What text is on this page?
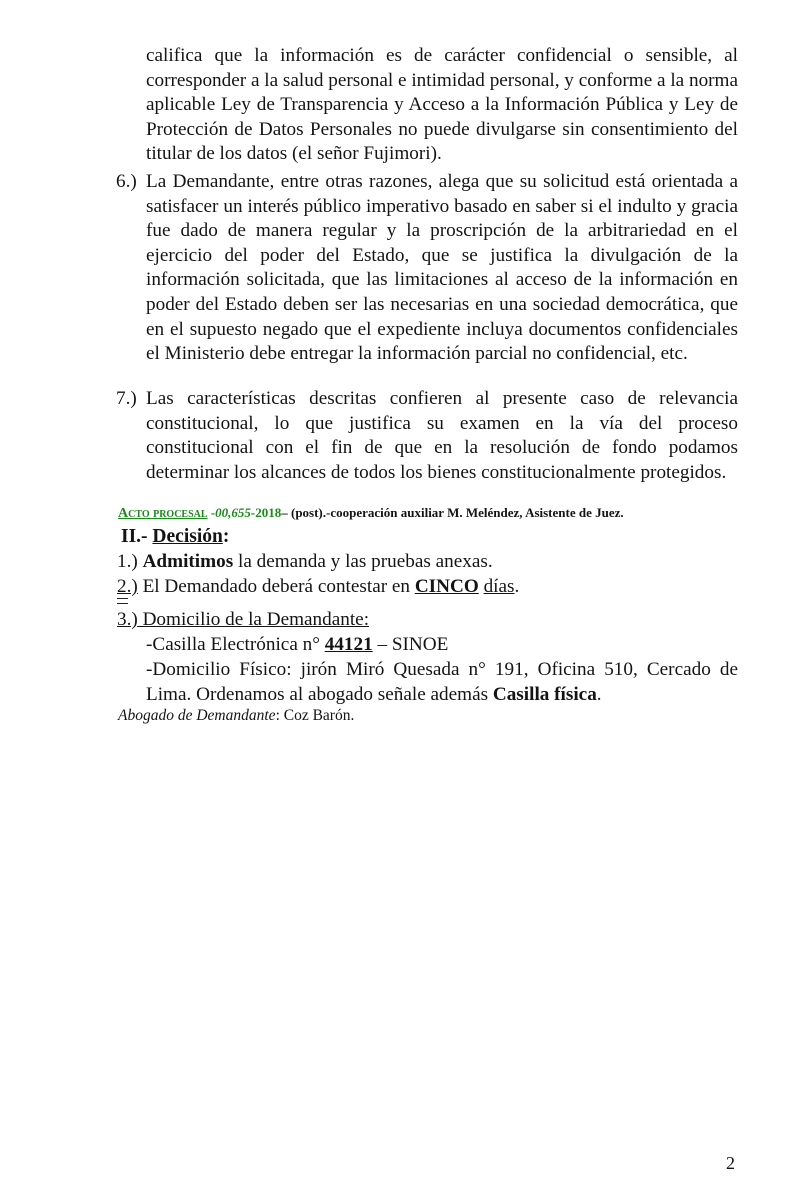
califica que la información es de carácter confidencial o sensible, al corresponder a la salud personal e intimidad personal, y conforme a la norma aplicable Ley de Transparencia y Acceso a la Información Pública y Ley de Protección de Datos Personales no puede divulgarse sin consentimiento del titular de los datos (el señor Fujimori).
6.) La Demandante, entre otras razones, alega que su solicitud está orientada a satisfacer un interés público imperativo basado en saber si el indulto y gracia fue dado de manera regular y la proscripción de la arbitrariedad en el ejercicio del poder del Estado, que se justifica la divulgación de la información solicitada, que las limitaciones al acceso de la información en poder del Estado deben ser las necesarias en una sociedad democrática, que en el supuesto negado que el expediente incluya documentos confidenciales el Ministerio debe entregar la información parcial no confidencial, etc.
7.) Las características descritas confieren al presente caso de relevancia constitucional, lo que justifica su examen en la vía del proceso constitucional con el fin de que en la resolución de fondo podamos determinar los alcances de todos los bienes constitucionalmente protegidos.
Acto procesal -00,655-2018– (post).-cooperación auxiliar M. Meléndez, Asistente de Juez.
II.- Decisión:
1.) Admitimos la demanda y las pruebas anexas.
2.) El Demandado deberá contestar en CINCO días.
3.) Domicilio de la Demandante:
-Casilla Electrónica n° 44121 – SINOE
-Domicilio Físico: jirón Miró Quesada n° 191, Oficina 510, Cercado de Lima. Ordenamos al abogado señale además Casilla física.
Abogado de Demandante: Coz Barón.
2
